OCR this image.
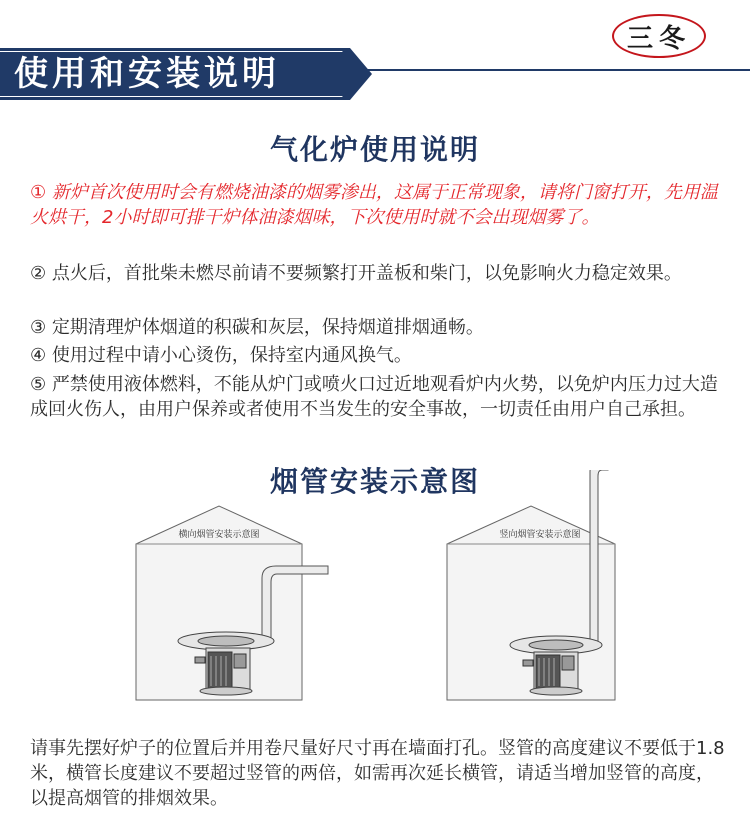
三冬
使用和安装说明
气化炉使用说明
① 新炉首次使用时会有燃烧油漆的烟雾渗出，这属于正常现象，请将门窗打开，先用温火烘干，2小时即可排干炉体油漆烟味，下次使用时就不会出现烟雾了。
② 点火后，首批柴未燃尽前请不要频繁打开盖板和柴门，以免影响火力稳定效果。
③ 定期清理炉体烟道的积碳和灰层，保持烟道排烟通畅。
④ 使用过程中请小心烫伤，保持室内通风换气。
⑤ 严禁使用液体燃料，不能从炉门或喷火口过近地观看炉内火势，以免炉内压力过大造成回火伤人，由用户保养或者使用不当发生的安全事故，一切责任由用户自己承担。
烟管安装示意图
横向烟管安装示意图	竖向烟管安装示意图
请事先摆好炉子的位置后并用卷尺量好尺寸再在墙面打孔。竖管的高度建议不要低于1.8米，横管长度建议不要超过竖管的两倍，如需再次延长横管，请适当增加竖管的高度，以提高烟管的排烟效果。
